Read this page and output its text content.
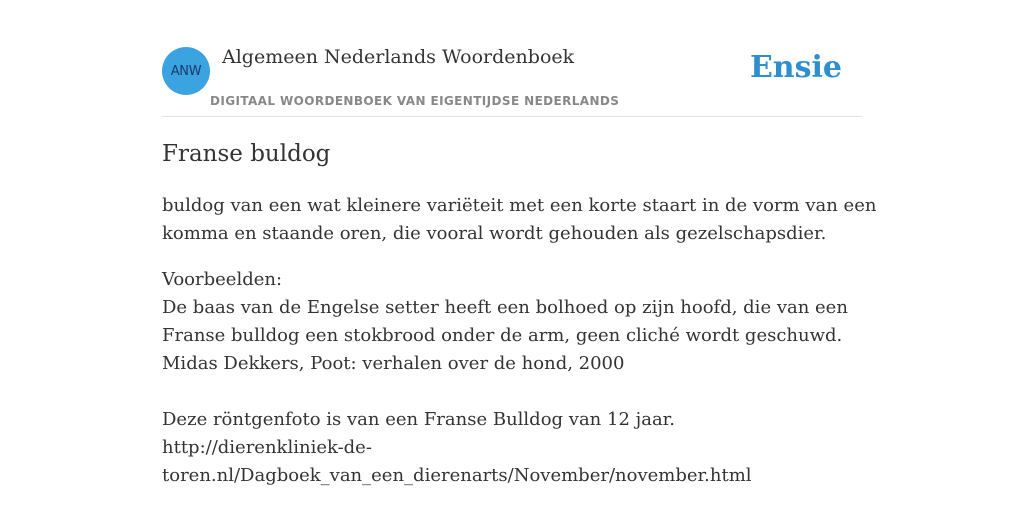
ANW
Algemeen Nederlands Woordenboek
DIGITAAL WOORDENBOEK VAN EIGENTIJDSE NEDERLANDS
Ensie
Franse buldog

buldog van een wat kleinere variëteit met een korte staart in de vorm van een
komma en staande oren, die vooral wordt gehouden als gezelschapsdier.

Voorbeelden:
De baas van de Engelse setter heeft een bolhoed op zijn hoofd, die van een
Franse bulldog een stokbrood onder de arm, geen cliché wordt geschuwd.
Midas Dekkers, Poot: verhalen over de hond, 2000
Deze röntgenfoto is van een Franse Bulldog van 12 jaar.
http://dierenkliniek-de-
toren.nl/Dagboek_van_een_dierenarts/November/november.html
